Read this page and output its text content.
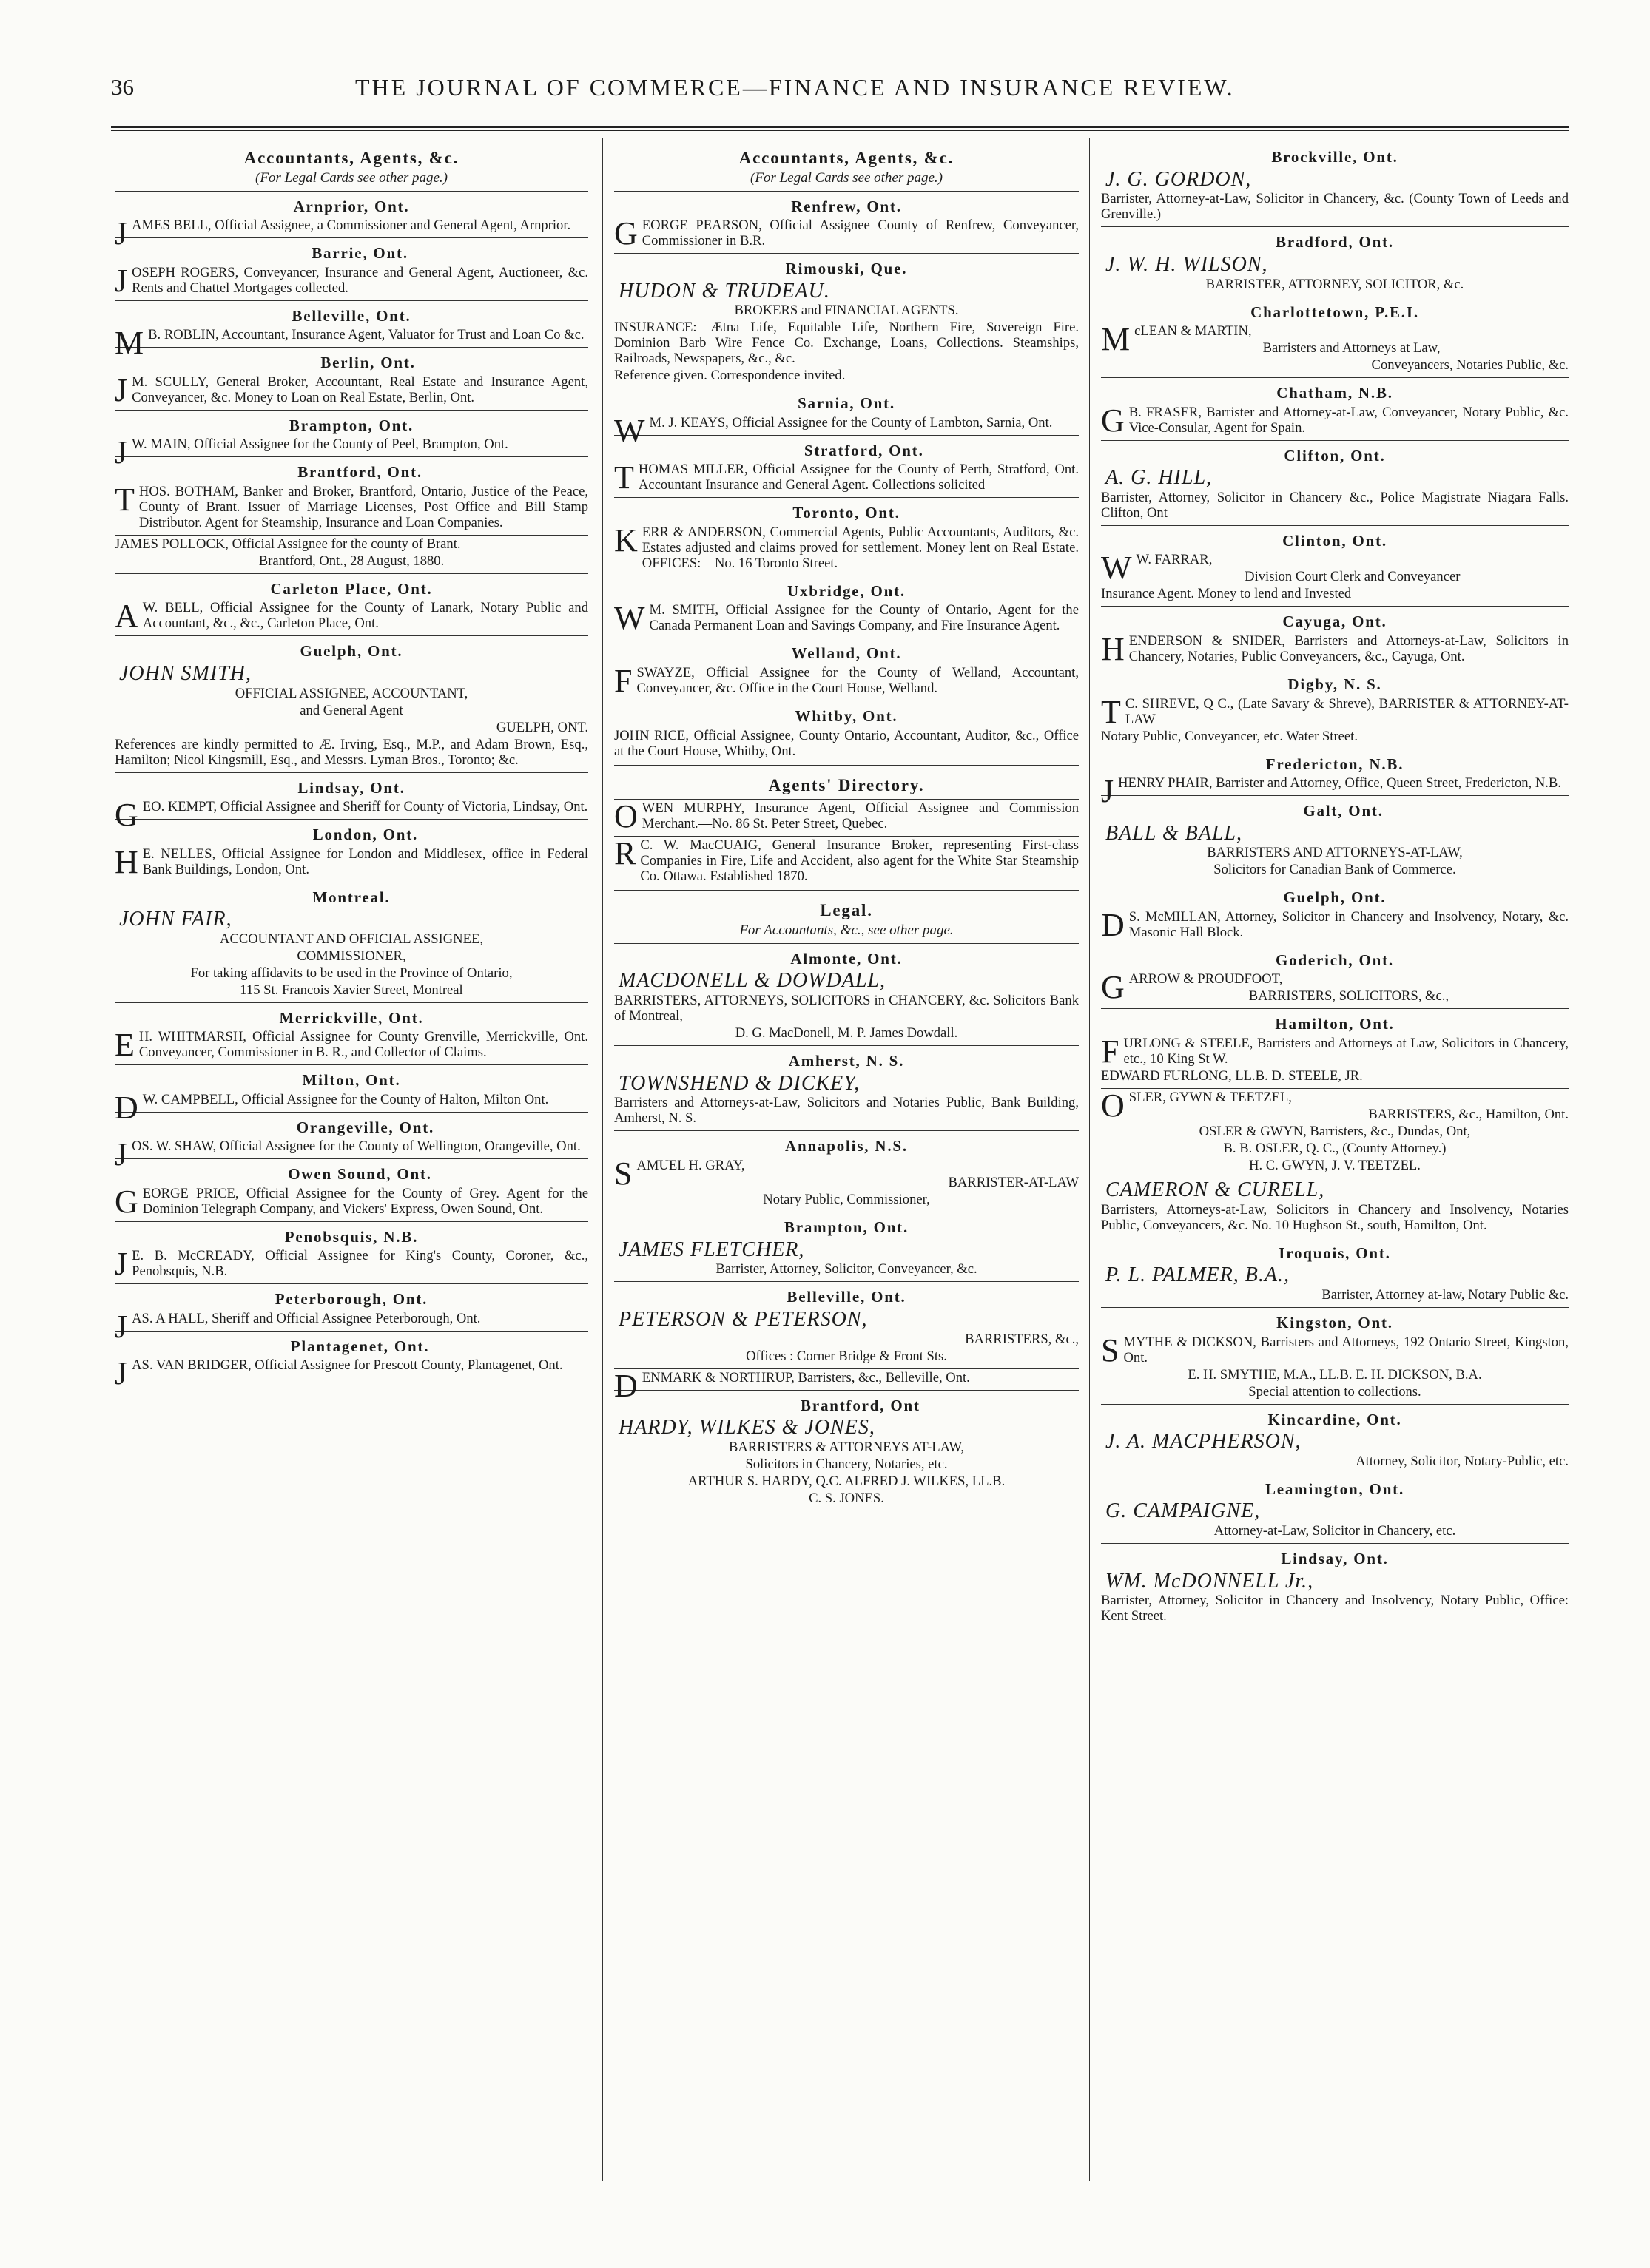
36	THE JOURNAL OF COMMERCE—FINANCE AND INSURANCE REVIEW.
Accountants, Agents, &c.
(For Legal Cards see other page.)
Arnprior, Ont.
JAMES BELL, Official Assignee, a Commissioner and General Agent, Arnprior.
Barrie, Ont.
JOSEPH ROGERS, Conveyancer, Insurance and General Agent, Auctioneer, &c. Rents and Chattel Mortgages collected.
Belleville, Ont.
M B. ROBLIN, Accountant, Insurance Agent, Valuator for Trust and Loan Co &c.
Berlin, Ont.
J M. SCULLY, General Broker, Accountant, Real Estate and Insurance Agent, Conveyancer, &c. Money to Loan on Real Estate, Berlin, Ont.
Brampton, Ont.
J W. MAIN, Official Assignee for the County of Peel, Brampton, Ont.
Brantford, Ont.
THOS. BOTHAM, Banker and Broker, Brantford, Ontario, Justice of the Peace, County of Brant. Issuer of Marriage Licenses, Post Office and Bill Stamp Distributor. Agent for Steamship, Insurance and Loan Companies.
JAMES POLLOCK, Official Assignee for the county of Brant.
Brantford, Ont., 28 August, 1880.
Carleton Place, Ont.
A W. BELL, Official Assignee for the County of Lanark, Notary Public and Accountant, &c., &c., Carleton Place, Ont.
Guelph, Ont.
JOHN SMITH,
OFFICIAL ASSIGNEE, ACCOUNTANT,
and General Agent
GUELPH, ONT.
References are kindly permitted to Æ. Irving, Esq., M.P., and Adam Brown, Esq., Hamilton; Nicol Kingsmill, Esq., and Messrs. Lyman Bros., Toronto; &c.
Lindsay, Ont.
GEO. KEMPT, Official Assignee and Sheriff for County of Victoria, Lindsay, Ont.
London, Ont.
H E. NELLES, Official Assignee for London and Middlesex, office in Federal Bank Buildings, London, Ont.
Montreal.
JOHN FAIR,
ACCOUNTANT AND OFFICIAL ASSIGNEE,
COMMISSIONER,
For taking affidavits to be used in the Province of Ontario,
115 St. Francois Xavier Street, Montreal
Merrickville, Ont.
E H. WHITMARSH, Official Assignee for County Grenville, Merrickville, Ont. Conveyancer, Commissioner in B. R., and Collector of Claims.
Milton, Ont.
D W. CAMPBELL, Official Assignee for the County of Halton, Milton Ont.
Orangeville, Ont.
JOS. W. SHAW, Official Assignee for the County of Wellington, Orangeville, Ont.
Owen Sound, Ont.
GEORGE PRICE, Official Assignee for the County of Grey. Agent for the Dominion Telegraph Company, and Vickers' Express, Owen Sound, Ont.
Penobsquis, N.B.
J E. B. McCREADY, Official Assignee for King's County, Coroner, &c., Penobsquis, N.B.
Peterborough, Ont.
JAS. A HALL, Sheriff and Official Assignee Peterborough, Ont.
Plantagenet, Ont.
JAS. VAN BRIDGER, Official Assignee for Prescott County, Plantagenet, Ont.
Accountants, Agents, &c.
(For Legal Cards see other page.)
Renfrew, Ont.
GEORGE PEARSON, Official Assignee County of Renfrew, Conveyancer, Commissioner in B.R.
Rimouski, Que.
HUDON & TRUDEAU.
BROKERS and FINANCIAL AGENTS.
INSURANCE:—Ætna Life, Equitable Life, Northern Fire, Sovereign Fire. Dominion Barb Wire Fence Co. Exchange, Loans, Collections. Steamships, Railroads, Newspapers, &c., &c.
Reference given. Correspondence invited.
Sarnia, Ont.
W M. J. KEAYS, Official Assignee for the County of Lambton, Sarnia, Ont.
Stratford, Ont.
THOMAS MILLER, Official Assignee for the County of Perth, Stratford, Ont. Accountant Insurance and General Agent. Collections solicited
Toronto, Ont.
KERR & ANDERSON, Commercial Agents, Public Accountants, Auditors, &c. Estates adjusted and claims proved for settlement. Money lent on Real Estate. OFFICES:—No. 16 Toronto Street.
Uxbridge, Ont.
W M. SMITH, Official Assignee for the County of Ontario, Agent for the Canada Permanent Loan and Savings Company, and Fire Insurance Agent.
Welland, Ont.
FSWAYZE, Official Assignee for the County of Welland, Accountant, Conveyancer, &c. Office in the Court House, Welland.
Whitby, Ont.
JOHN RICE, Official Assignee, County Ontario, Accountant, Auditor, &c., Office at the Court House, Whitby, Ont.
Agents' Directory.
OWEN MURPHY, Insurance Agent, Official Assignee and Commission Merchant.—No. 86 St. Peter Street, Quebec.
R C. W. MacCUAIG, General Insurance Broker, representing First-class Companies in Fire, Life and Accident, also agent for the White Star Steamship Co. Ottawa. Established 1870.
Legal.
For Accountants, &c., see other page.
Almonte, Ont.
MACDONELL & DOWDALL,
BARRISTERS, ATTORNEYS, SOLICITORS in CHANCERY, &c. Solicitors Bank of Montreal,
D. G. MacDonell, M. P. James Dowdall.
Amherst, N. S.
TOWNSHEND & DICKEY,
Barristers and Attorneys-at-Law, Solicitors and Notaries Public, Bank Building, Amherst, N. S.
Annapolis, N.S.
SAMUEL H. GRAY,
BARRISTER-AT-LAW
Notary Public, Commissioner,
Brampton, Ont.
JAMES FLETCHER,
Barrister, Attorney, Solicitor, Conveyancer, &c.
Belleville, Ont.
PETERSON & PETERSON,
BARRISTERS, &c.,
Offices : Corner Bridge & Front Sts.
DENMARK & NORTHRUP, Barristers, &c., Belleville, Ont.
Brantford, Ont
HARDY, WILKES & JONES,
BARRISTERS & ATTORNEYS AT-LAW,
Solicitors in Chancery, Notaries, etc.
ARTHUR S. HARDY, Q.C. ALFRED J. WILKES, LL.B.
C. S. JONES.
Brockville, Ont.
J. G. GORDON,
Barrister, Attorney-at-Law, Solicitor in Chancery, &c. (County Town of Leeds and Grenville.)
Bradford, Ont.
J. W. H. WILSON,
BARRISTER, ATTORNEY, SOLICITOR, &c.
Charlottetown, P.E.I.
McLEAN & MARTIN,
Barristers and Attorneys at Law,
Conveyancers, Notaries Public, &c.
Chatham, N.B.
G B. FRASER, Barrister and Attorney-at-Law, Conveyancer, Notary Public, &c. Vice-Consular, Agent for Spain.
Clifton, Ont.
A. G. HILL,
Barrister, Attorney, Solicitor in Chancery &c., Police Magistrate Niagara Falls. Clifton, Ont
Clinton, Ont.
W W. FARRAR,
Division Court Clerk and Conveyancer
Insurance Agent. Money to lend and Invested
Cayuga, Ont.
HENDERSON & SNIDER, Barristers and Attorneys-at-Law, Solicitors in Chancery, Notaries, Public Conveyancers, &c., Cayuga, Ont.
Digby, N. S.
T C. SHREVE, Q C., (Late Savary & Shreve), BARRISTER & ATTORNEY-AT-LAW
Notary Public, Conveyancer, etc. Water Street.
Fredericton, N.B.
JHENRY PHAIR, Barrister and Attorney, Office, Queen Street, Fredericton, N.B.
Galt, Ont.
BALL & BALL,
BARRISTERS AND ATTORNEYS-AT-LAW,
Solicitors for Canadian Bank of Commerce.
Guelph, Ont.
D S. McMILLAN, Attorney, Solicitor in Chancery and Insolvency, Notary, &c. Masonic Hall Block.
Goderich, Ont.
GARROW & PROUDFOOT,
BARRISTERS, SOLICITORS, &c.,
Hamilton, Ont.
FURLONG & STEELE, Barristers and Attorneys at Law, Solicitors in Chancery, etc., 10 King St W.
EDWARD FURLONG, LL.B. D. STEELE, JR.
OSLER, GYWN & TEETZEL,
BARRISTERS, &c., Hamilton, Ont.
OSLER & GWYN, Barristers, &c., Dundas, Ont,
B. B. OSLER, Q. C., (County Attorney.)
H. C. GWYN, J. V. TEETZEL.
CAMERON & CURELL,
Barristers, Attorneys-at-Law, Solicitors in Chancery and Insolvency, Notaries Public, Conveyancers, &c. No. 10 Hughson St., south, Hamilton, Ont.
Iroquois, Ont.
P. L. PALMER, B.A.,
Barrister, Attorney at-law, Notary Public &c.
Kingston, Ont.
SMYTHE & DICKSON, Barristers and Attorneys, 192 Ontario Street, Kingston, Ont.
E. H. SMYTHE, M.A., LL.B. E. H. DICKSON, B.A.
Special attention to collections.
Kincardine, Ont.
J. A. MACPHERSON,
Attorney, Solicitor, Notary-Public, etc.
Leamington, Ont.
G. CAMPAIGNE,
Attorney-at-Law, Solicitor in Chancery, etc.
Lindsay, Ont.
WM. McDONNELL Jr.,
Barrister, Attorney, Solicitor in Chancery and Insolvency, Notary Public, Office: Kent Street.
